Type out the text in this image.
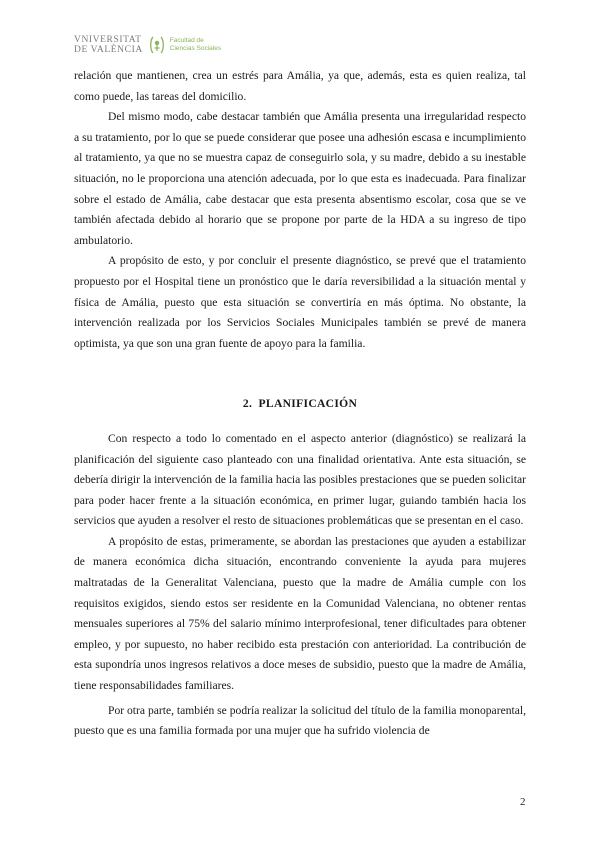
VNIVERSITAT
DE VALÈNCIA
Facultad de
Ciencias Sociales

relación que mantienen, crea un estrés para Amália, ya que, además, esta es quien realiza, tal como puede, las tareas del domicilio.

Del mismo modo, cabe destacar también que Amália presenta una irregularidad respecto a su tratamiento, por lo que se puede considerar que posee una adhesión escasa e incumplimiento al tratamiento, ya que no se muestra capaz de conseguirlo sola, y su madre, debido a su inestable situación, no le proporciona una atención adecuada, por lo que esta es inadecuada. Para finalizar sobre el estado de Amália, cabe destacar que esta presenta absentismo escolar, cosa que se ve también afectada debido al horario que se propone por parte de la HDA a su ingreso de tipo ambulatorio.

A propósito de esto, y por concluir el presente diagnóstico, se prevé que el tratamiento propuesto por el Hospital tiene un pronóstico que le daría reversibilidad a la situación mental y física de Amália, puesto que esta situación se convertiría en más óptima. No obstante, la intervención realizada por los Servicios Sociales Municipales también se prevé de manera optimista, ya que son una gran fuente de apoyo para la familia.

2. PLANIFICACIÓN

Con respecto a todo lo comentado en el aspecto anterior (diagnóstico) se realizará la planificación del siguiente caso planteado con una finalidad orientativa. Ante esta situación, se debería dirigir la intervención de la familia hacia las posibles prestaciones que se pueden solicitar para poder hacer frente a la situación económica, en primer lugar, guiando también hacia los servicios que ayuden a resolver el resto de situaciones problemáticas que se presentan en el caso.

A propósito de estas, primeramente, se abordan las prestaciones que ayuden a estabilizar de manera económica dicha situación, encontrando conveniente la ayuda para mujeres maltratadas de la Generalitat Valenciana, puesto que la madre de Amália cumple con los requisitos exigidos, siendo estos ser residente en la Comunidad Valenciana, no obtener rentas mensuales superiores al 75% del salario mínimo interprofesional, tener dificultades para obtener empleo, y por supuesto, no haber recibido esta prestación con anterioridad. La contribución de esta supondría unos ingresos relativos a doce meses de subsidio, puesto que la madre de Amália, tiene responsabilidades familiares.

Por otra parte, también se podría realizar la solicitud del título de la familia monoparental, puesto que es una familia formada por una mujer que ha sufrido violencia de

2
